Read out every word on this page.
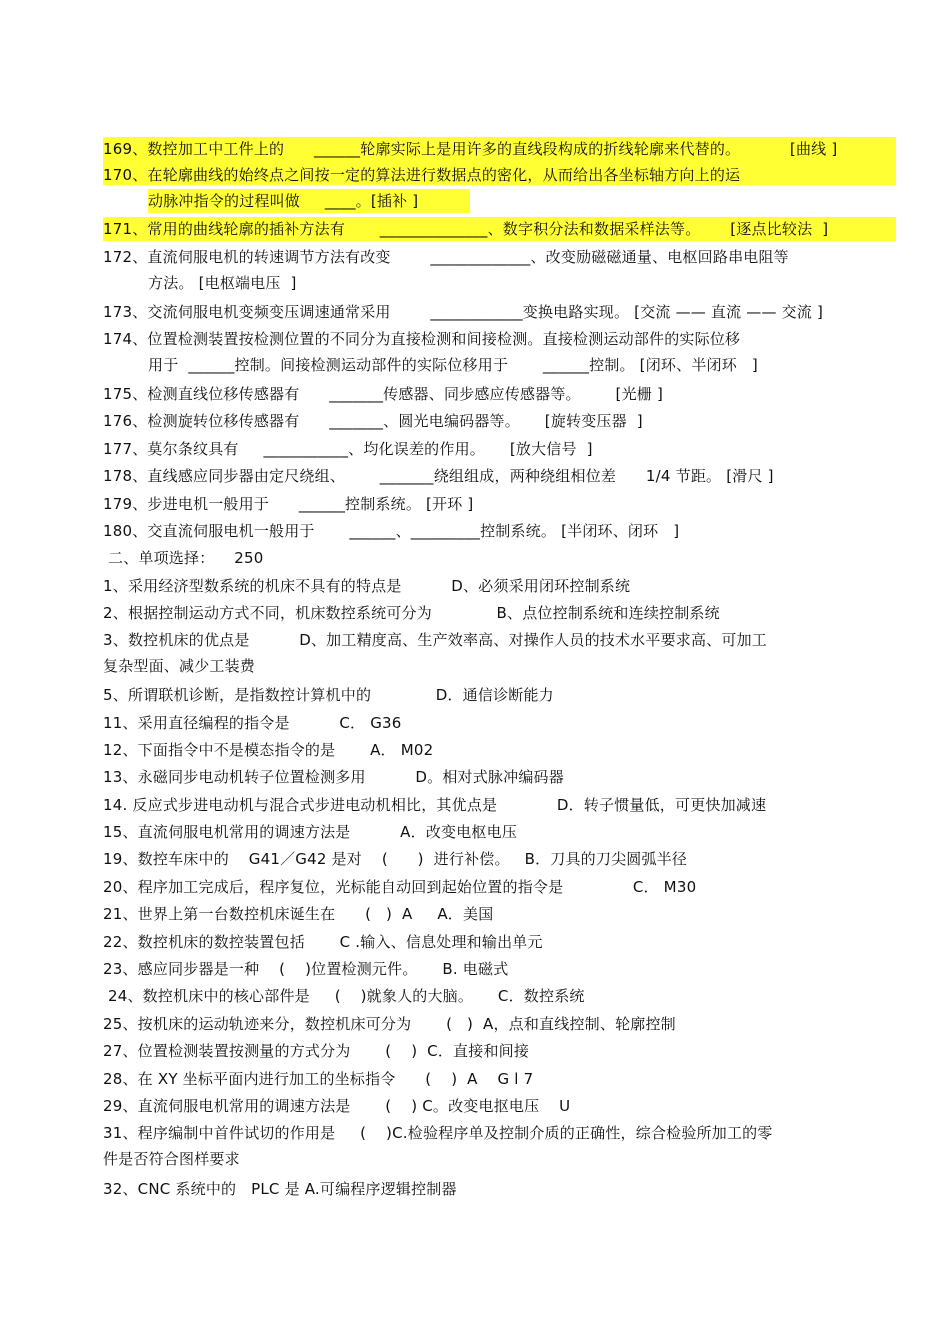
169、数控加工中工件上的      ______轮廓实际上是用许多的直线段构成的折线轮廓来代替的。          [曲线 ]
170、在轮廓曲线的始终点之间按一定的算法进行数据点的密化，从而给出各坐标轴方向上的运
动脉冲指令的过程叫做     ____。[插补 ]
171、常用的曲线轮廓的插补方法有       ______________、数字积分法和数据采样法等。      [逐点比较法  ]
172、直流伺服电机的转速调节方法有改变        _____________、改变励磁磁通量、电枢回路串电阻等
方法。 [电枢端电压  ]
173、交流伺服电机变频变压调速通常采用        ____________变换电路实现。 [交流 —— 直流 —— 交流 ]
174、位置检测装置按检测位置的不同分为直接检测和间接检测。直接检测运动部件的实际位移
用于  ______控制。间接检测运动部件的实际位移用于       ______控制。 [闭环、半闭环   ]
175、检测直线位移传感器有      _______传感器、同步感应传感器等。       [光栅 ]
176、检测旋转位移传感器有      _______、圆光电编码器等。     [旋转变压器  ]
177、莫尔条纹具有     ___________、均化误差的作用。     [放大信号  ]
178、直线感应同步器由定尺绕组、       _______绕组组成，两种绕组相位差      1/4 节距。 [滑尺 ]
179、步进电机一般用于      ______控制系统。 [开环 ]
180、交直流伺服电机一般用于       ______、_________控制系统。 [半闭环、闭环   ]
二、单项选择：    250
1、采用经济型数系统的机床不具有的特点是          D、必须采用闭环控制系统
2、根据控制运动方式不同，机床数控系统可分为             B、点位控制系统和连续控制系统
3、数控机床的优点是          D、加工精度高、生产效率高、对操作人员的技术水平要求高、可加工
复杂型面、减少工装费
5、所谓联机诊断，是指数控计算机中的             D．通信诊断能力
11、采用直径编程的指令是          C． G36
12、下面指令中不是模态指令的是       A． M02
13、永磁同步电动机转子位置检测多用          D。相对式脉冲编码器
14. 反应式步进电动机与混合式步进电动机相比，其优点是            D．转子惯量低，可更快加减速
15、直流伺服电机常用的调速方法是          A．改变电枢电压
19、数控车床中的    G41／G42 是对    (      )  进行补偿。   B．刀具的刀尖圆弧半径
20、程序加工完成后，程序复位，光标能自动回到起始位置的指令是              C． M30
21、世界上第一台数控机床诞生在      (   )  A     A．美国
22、数控机床的数控装置包括       C .输入、信息处理和输出单元
23、感应同步器是一种    (    )位置检测元件。     B. 电磁式
24、数控机床中的核心部件是     (    )就象人的大脑。     C．数控系统
25、按机床的运动轨迹来分，数控机床可分为       (   )  A，点和直线控制、轮廓控制
27、位置检测装置按测量的方式分为       (    )  C．直接和间接
28、在 XY 坐标平面内进行加工的坐标指令      (    )  A    G l 7
29、直流伺服电机常用的调速方法是       (    ) C。改变电抠电压    U
31、程序编制中首件试切的作用是     (    )C.检验程序单及控制介质的正确性，综合检验所加工的零
件是否符合图样要求
32、CNC 系统中的   PLC 是 A.可编程序逻辑控制器
